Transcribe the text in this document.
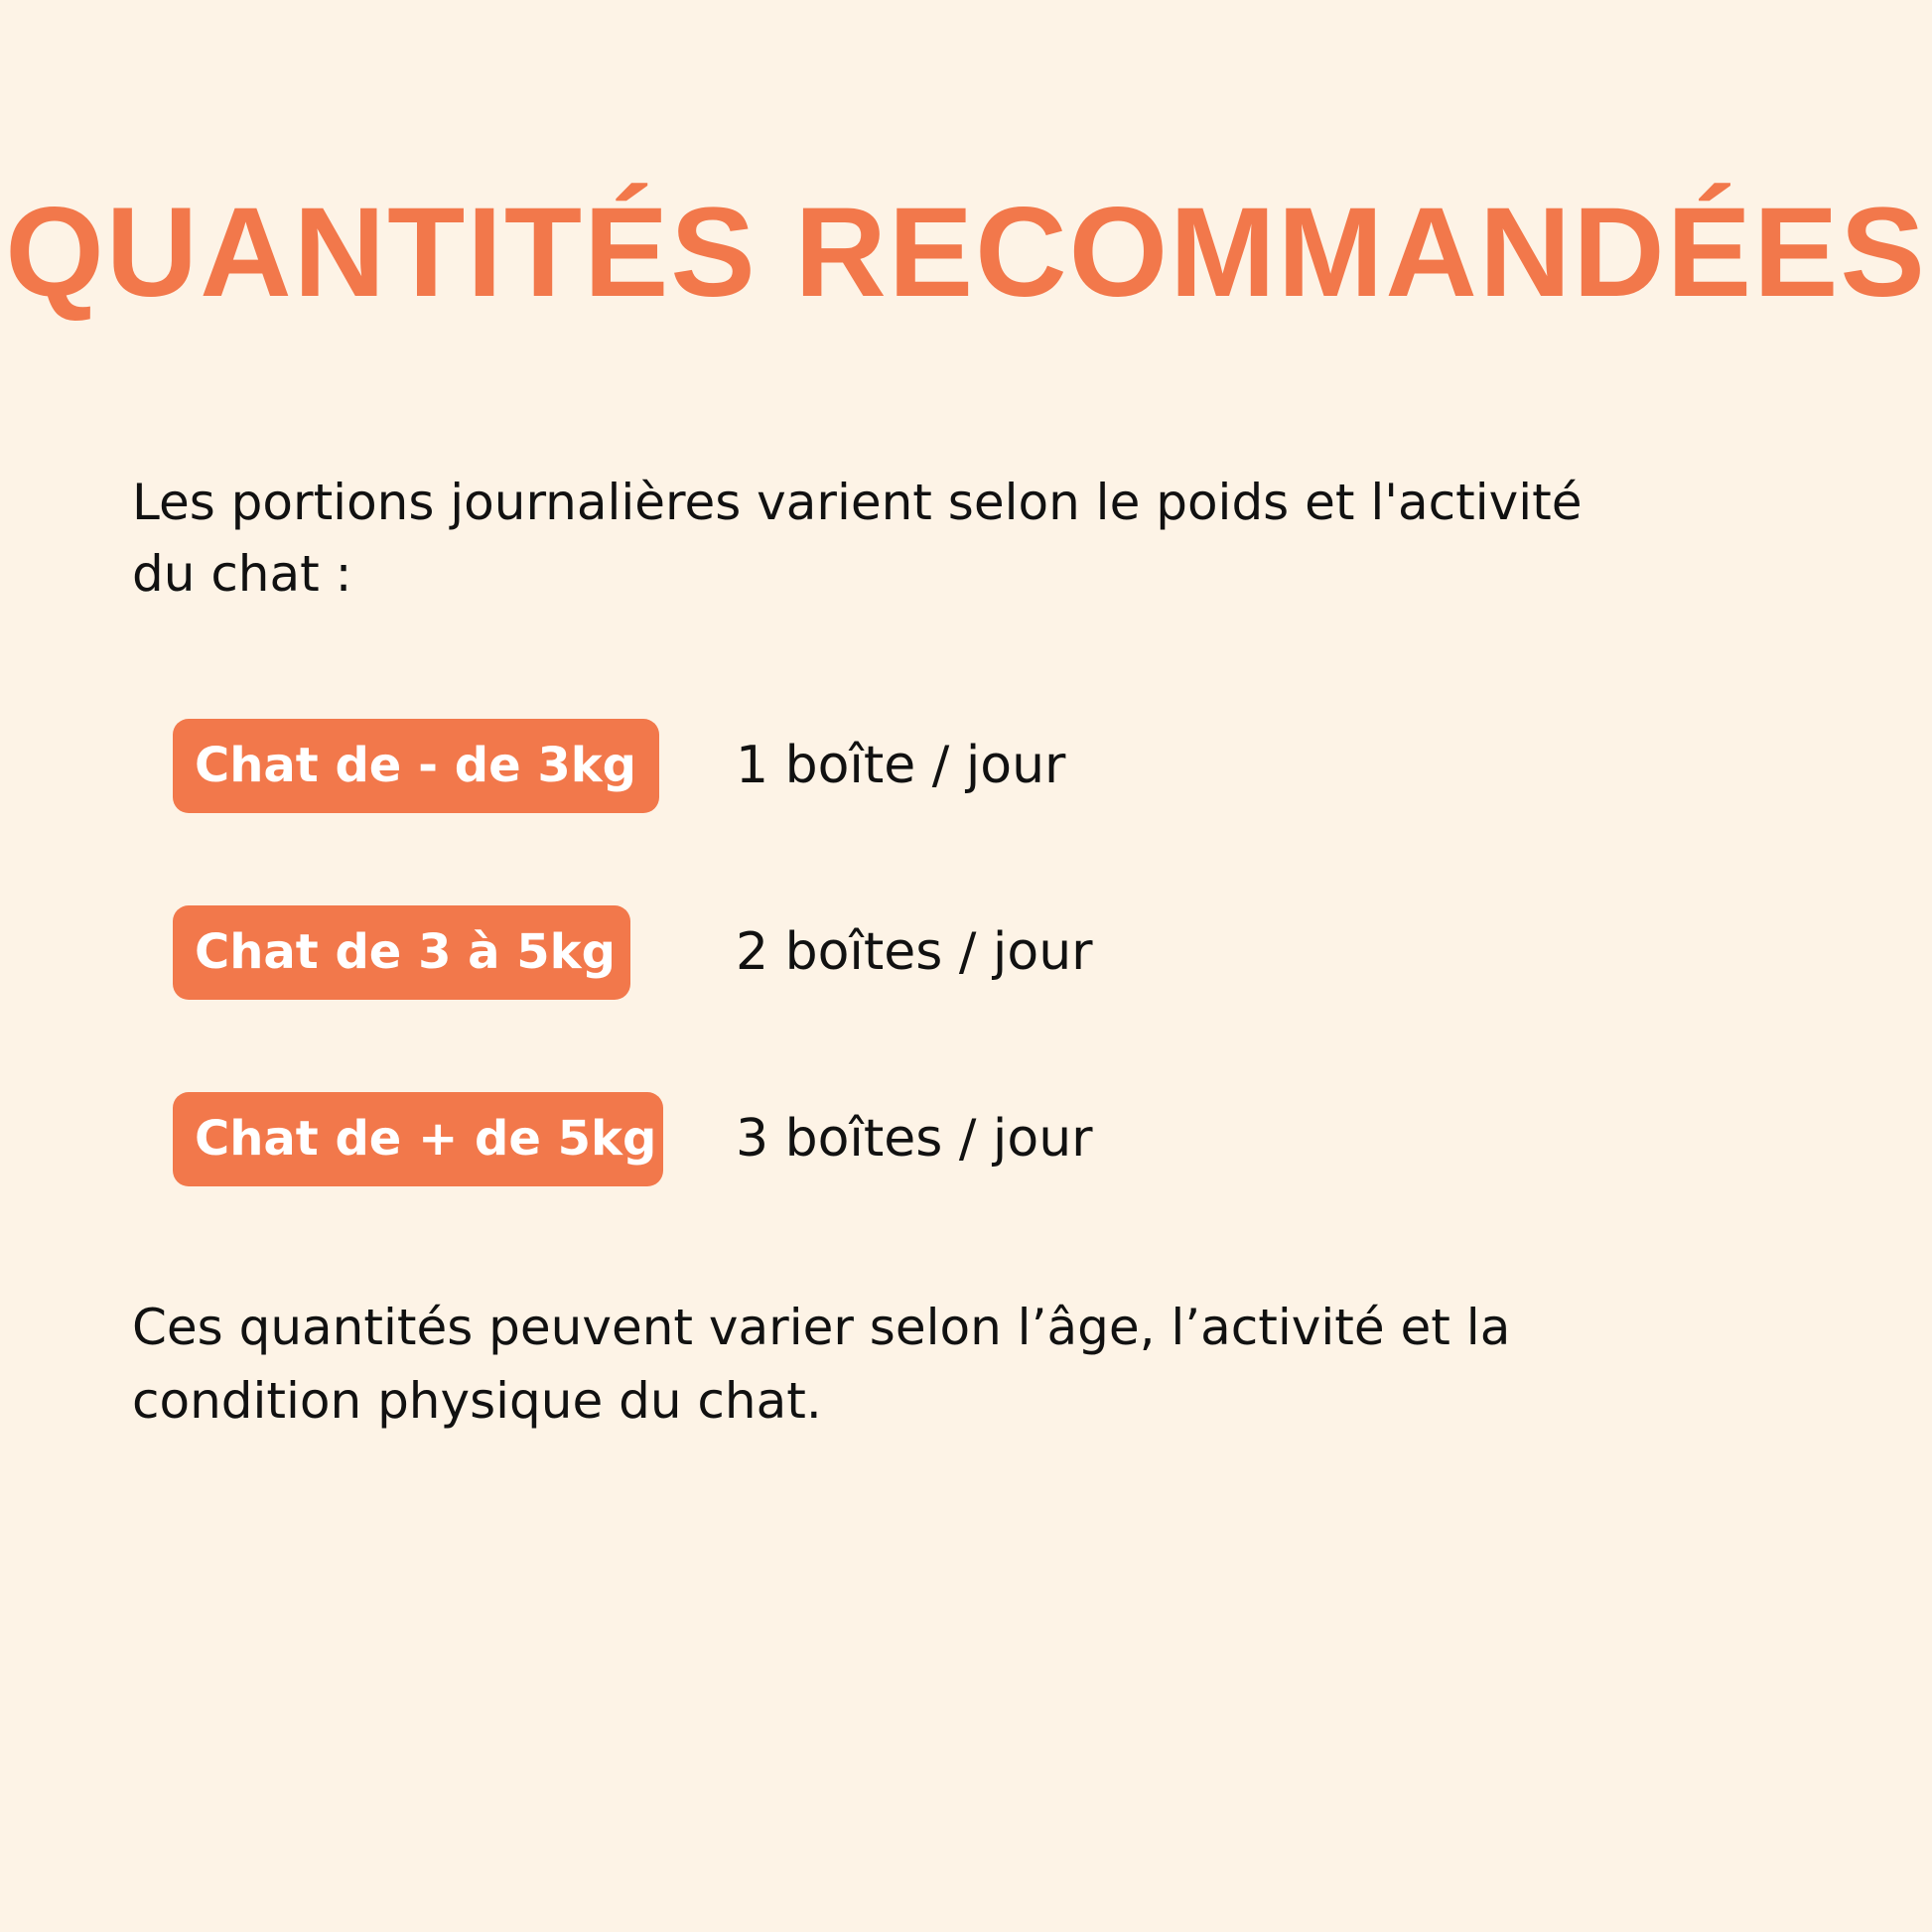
QUANTITÉS RECOMMANDÉES
Les portions journalières varient selon le poids et l'activité
du chat :
Chat de - de 3kg	1 boîte / jour
Chat de 3 à 5kg 2 boîtes / jour
Chat de + de 5kg 3 boîtes / jour
Ces quantités peuvent varier selon l’âge, l’activité et la
condition physique du chat.
